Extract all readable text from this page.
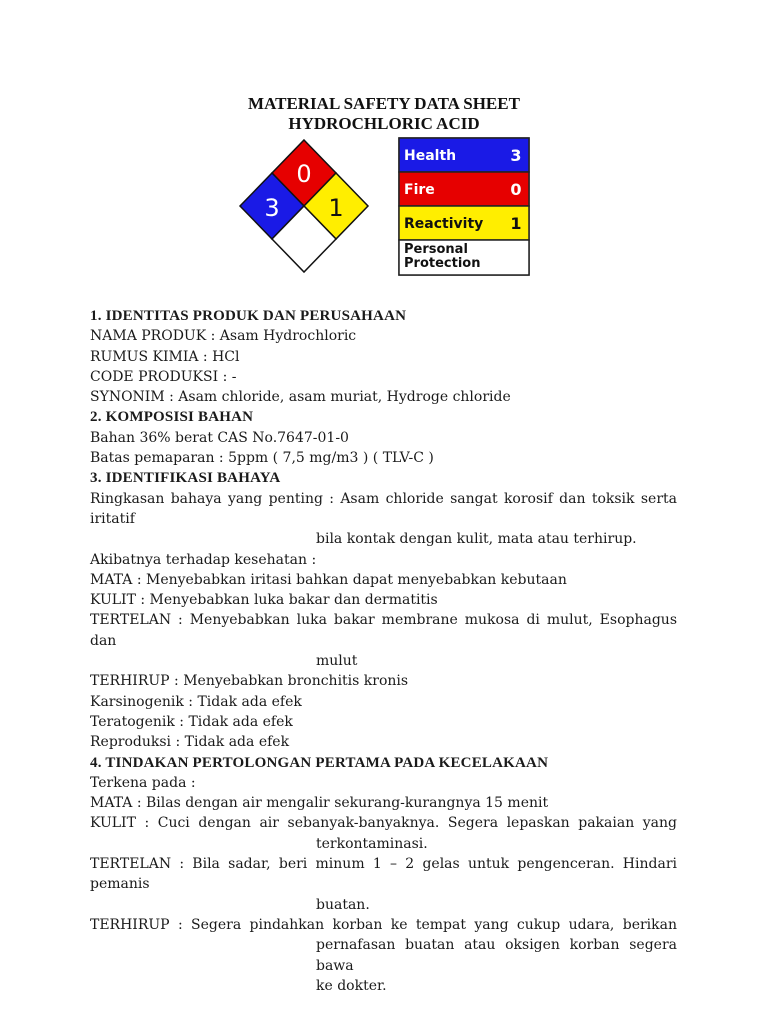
MATERIAL SAFETY DATA SHEET
HYDROCHLORIC ACID
0
3 1
Health	3
Fire	0
Reactivity 1
Personal
Protection
1. IDENTITAS PRODUK DAN PERUSAHAAN
NAMA PRODUK : Asam Hydrochloric
RUMUS KIMIA : HCl
CODE PRODUKSI : -
SYNONIM : Asam chloride, asam muriat, Hydroge chloride
2. KOMPOSISI BAHAN
Bahan 36% berat CAS No.7647-01-0
Batas pemaparan : 5ppm ( 7,5 mg/m3 ) ( TLV-C )
3. IDENTIFIKASI BAHAYA
Ringkasan bahaya yang penting : Asam chloride sangat korosif dan toksik serta iritatif
bila kontak dengan kulit, mata atau terhirup.
Akibatnya terhadap kesehatan :
MATA : Menyebabkan iritasi bahkan dapat menyebabkan kebutaan
KULIT : Menyebabkan luka bakar dan dermatitis
TERTELAN : Menyebabkan luka bakar membrane mukosa di mulut, Esophagus dan
mulut
TERHIRUP : Menyebabkan bronchitis kronis
Karsinogenik : Tidak ada efek
Teratogenik : Tidak ada efek
Reproduksi : Tidak ada efek
4. TINDAKAN PERTOLONGAN PERTAMA PADA KECELAKAAN
Terkena pada :
MATA : Bilas dengan air mengalir sekurang-kurangnya 15 menit
KULIT : Cuci dengan air sebanyak-banyaknya. Segera lepaskan pakaian yang
terkontaminasi.
TERTELAN : Bila sadar, beri minum 1 – 2 gelas untuk pengenceran. Hindari pemanis
buatan.
TERHIRUP : Segera pindahkan korban ke tempat yang cukup udara, berikan
pernafasan buatan atau oksigen korban segera bawa
ke dokter.
